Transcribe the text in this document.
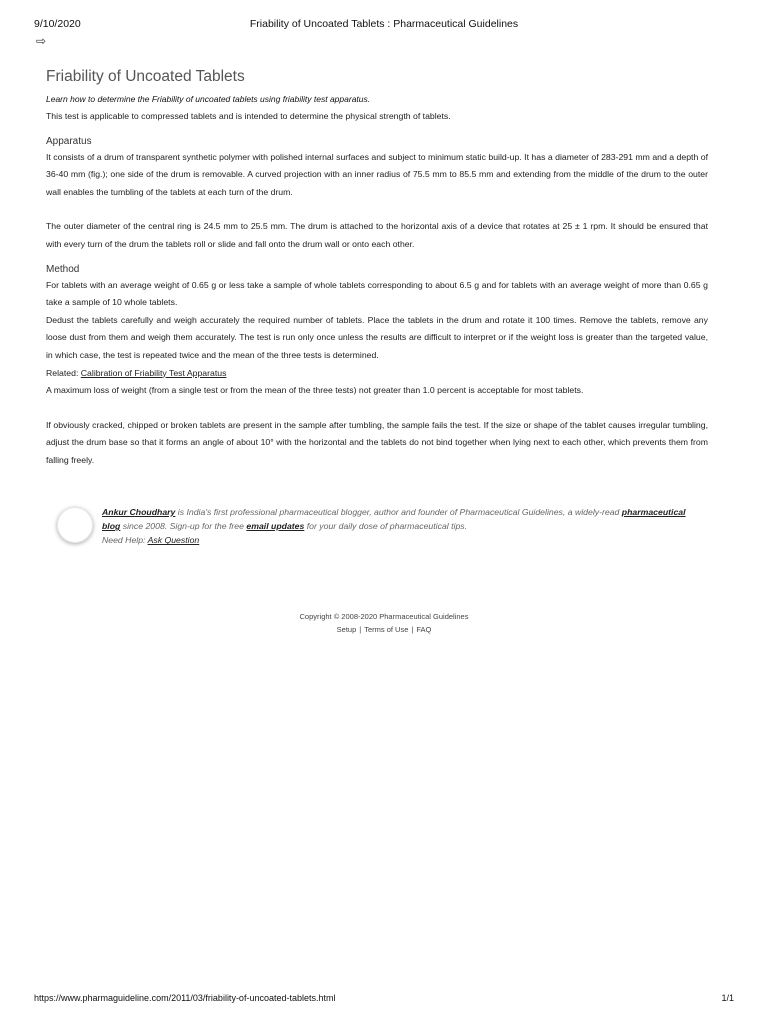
9/10/2020	Friability of Uncoated Tablets : Pharmaceutical Guidelines
⇨
Friability of Uncoated Tablets
Learn how to determine the Friability of uncoated tablets using friability test apparatus.

This test is applicable to compressed tablets and is intended to determine the physical strength of tablets.

Apparatus

It consists of a drum of transparent synthetic polymer with polished internal surfaces and subject to minimum static build-up. It has a diameter of 283-291 mm and a depth of 36-40 mm (fig.); one side of the drum is removable. A curved projection with an inner radius of 75.5 mm to 85.5 mm and extending from the middle of the drum to the outer wall enables the tumbling of the tablets at each turn of the drum.

The outer diameter of the central ring is 24.5 mm to 25.5 mm. The drum is attached to the horizontal axis of a device that rotates at 25 ± 1 rpm. It should be ensured that with every turn of the drum the tablets roll or slide and fall onto the drum wall or onto each other.

Method

For tablets with an average weight of 0.65 g or less take a sample of whole tablets corresponding to about 6.5 g and for tablets with an average weight of more than 0.65 g take a sample of 10 whole tablets.

Dedust the tablets carefully and weigh accurately the required number of tablets. Place the tablets in the drum and rotate it 100 times. Remove the tablets, remove any loose dust from them and weigh them accurately. The test is run only once unless the results are difficult to interpret or if the weight loss is greater than the targeted value, in which case, the test is repeated twice and the mean of the three tests is determined.

Related: Calibration of Friability Test Apparatus

A maximum loss of weight (from a single test or from the mean of the three tests) not greater than 1.0 percent is acceptable for most tablets.

If obviously cracked, chipped or broken tablets are present in the sample after tumbling, the sample fails the test. If the size or shape of the tablet causes irregular tumbling, adjust the drum base so that it forms an angle of about 10° with the horizontal and the tablets do not bind together when lying next to each other, which prevents them from falling freely.

Ankur Choudhary is India's first professional pharmaceutical blogger, author and founder of Pharmaceutical Guidelines, a widely-read pharmaceutical blog since 2008. Sign-up for the free email updates for your daily dose of pharmaceutical tips.
Need Help: Ask Question
Copyright © 2008-2020 Pharmaceutical Guidelines
Setup | Terms of Use | FAQ
https://www.pharmaguideline.com/2011/03/friability-of-uncoated-tablets.html	1/1
